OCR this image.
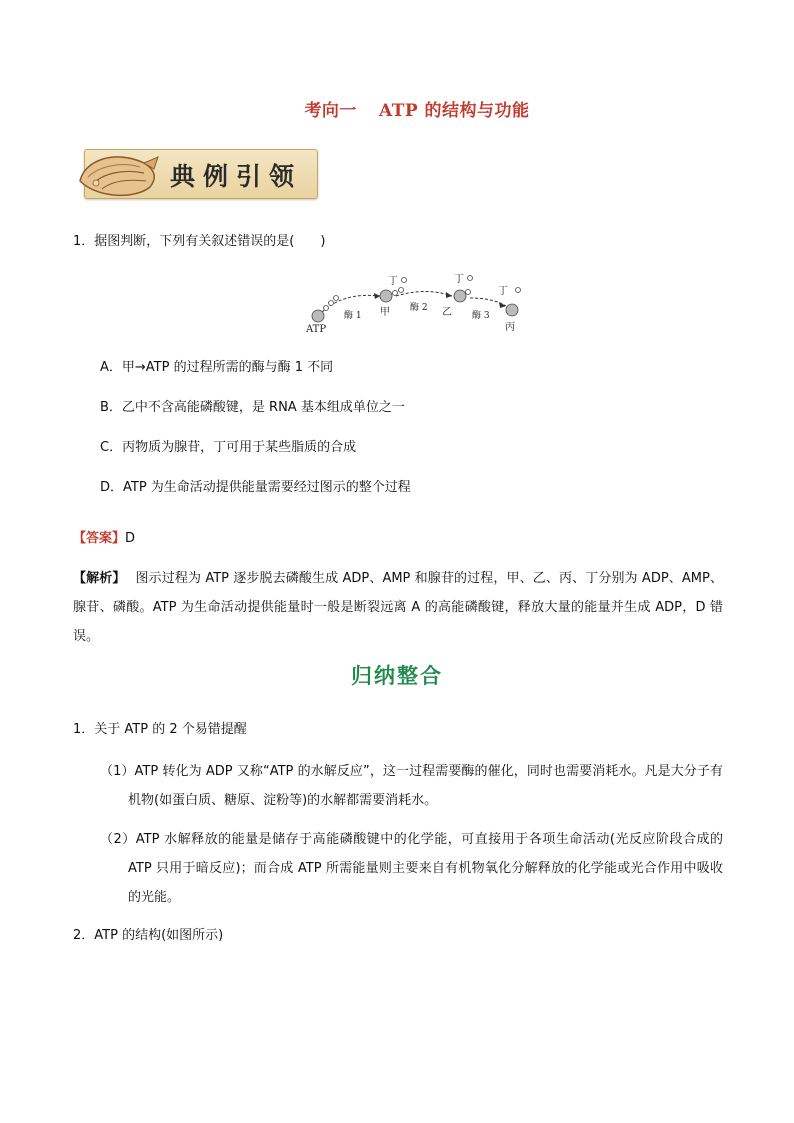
考向一 ATP 的结构与功能
典例引领
1．据图判断，下列有关叙述错误的是(　　)
ATP
甲	乙
丙
酶 1
酶 2
酶 3
丁	丁
丁
A．甲→ATP 的过程所需的酶与酶 1 不同
B．乙中不含高能磷酸键，是 RNA 基本组成单位之一
C．丙物质为腺苷，丁可用于某些脂质的合成
D．ATP 为生命活动提供能量需要经过图示的整个过程
【答案】D
【解析】 图示过程为 ATP 逐步脱去磷酸生成 ADP、AMP 和腺苷的过程，甲、乙、丙、丁分别为 ADP、AMP、腺苷、磷酸。ATP 为生命活动提供能量时一般是断裂远离 A 的高能磷酸键，释放大量的能量并生成 ADP，D 错误。
归纳整合
1．关于 ATP 的 2 个易错提醒
（1）ATP 转化为 ADP 又称“ATP 的水解反应”，这一过程需要酶的催化，同时也需要消耗水。凡是大分子有机物(如蛋白质、糖原、淀粉等)的水解都需要消耗水。
（2）ATP 水解释放的能量是储存于高能磷酸键中的化学能，可直接用于各项生命活动(光反应阶段合成的 ATP 只用于暗反应)；而合成 ATP 所需能量则主要来自有机物氧化分解释放的化学能或光合作用中吸收的光能。
2．ATP 的结构(如图所示)
